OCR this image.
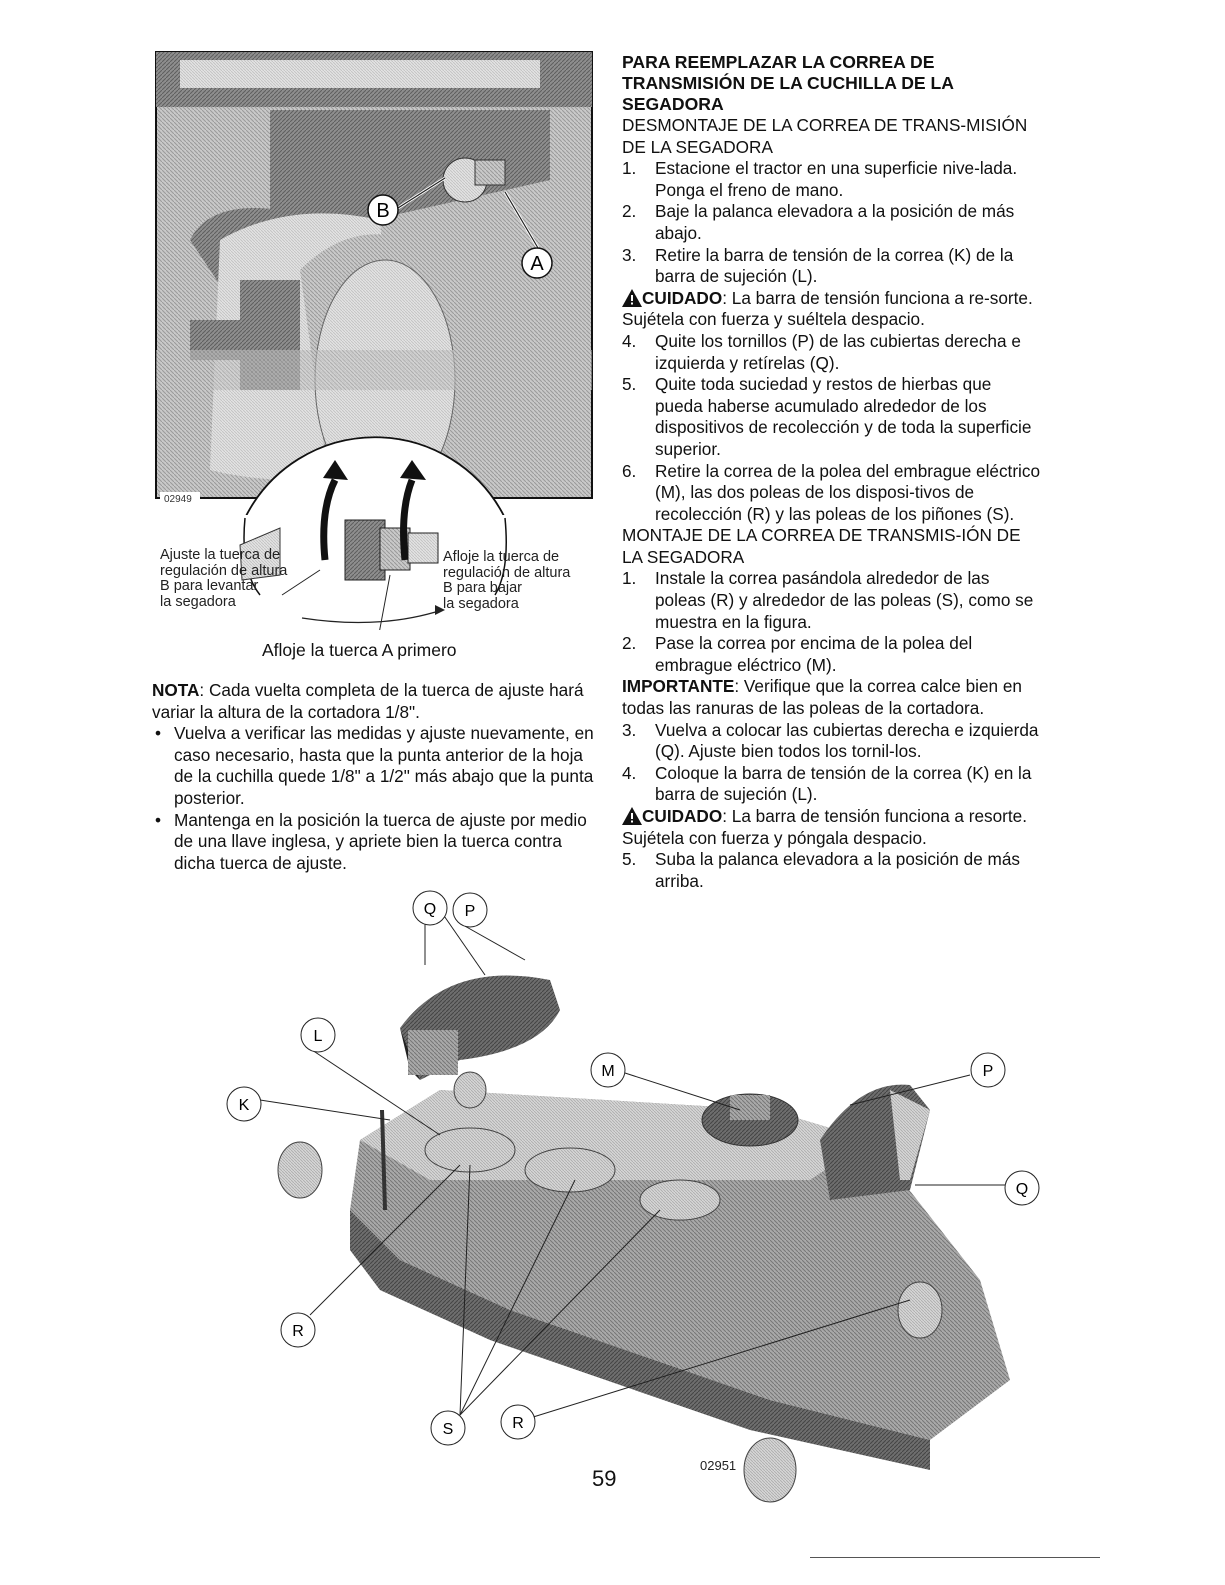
B
A
02949
Ajuste la tuerca de
regulación de altura
B para levantar
la segadora
Afloje la tuerca de
regulación de altura
B para bajar
la segadora
Afloje la tuerca A primero

NOTA: Cada vuelta completa de la tuerca de ajuste hará variar la altura de la cortadora 1/8".

• Vuelva a verificar las medidas y ajuste nuevamente, en caso necesario, hasta que la punta anterior de la hoja de la cuchilla quede 1/8" a 1/2" más abajo que la punta posterior.

• Mantenga en la posición la tuerca de ajuste por medio de una llave inglesa, y apriete bien la tuerca contra dicha tuerca de ajuste.

PARA REEMPLAZAR LA CORREA DE TRANSMISIÓN DE LA CUCHILLA DE LA SEGADORA

DESMONTAJE DE LA CORREA DE TRANS-MISIÓN DE LA SEGADORA

1. Estacione el tractor en una superficie nive-lada. Ponga el freno de mano.

2. Baje la palanca elevadora a la posición de más abajo.

3. Retire la barra de tensión de la correa (K) de la barra de sujeción (L).

CUIDADO: La barra de tensión funciona a re-sorte. Sujétela con fuerza y suéltela despacio.

4. Quite los tornillos (P) de las cubiertas derecha e izquierda y retírelas (Q).

5. Quite toda suciedad y restos de hierbas que pueda haberse acumulado alrededor de los dispositivos de recolección y de toda la superficie superior.

6. Retire la correa de la polea del embrague eléctrico (M), las dos poleas de los disposi-tivos de recolección (R) y las poleas de los piñones (S).

MONTAJE DE LA CORREA DE TRANSMIS-IÓN DE LA SEGADORA

1. Instale la correa pasándola alrededor de las poleas (R) y alrededor de las poleas (S), como se muestra en la figura.

2. Pase la correa por encima de la polea del embrague eléctrico (M).

IMPORTANTE: Verifique que la correa calce bien en todas las ranuras de las poleas de la cortadora.

3. Vuelva a colocar las cubiertas derecha e izquierda (Q). Ajuste bien todos los tornil-los.

4. Coloque la barra de tensión de la correa (K) en la barra de sujeción (L).

CUIDADO: La barra de tensión funciona a resorte. Sujétela con fuerza y póngala despacio.

5. Suba la palanca elevadora a la posición de más arriba.

Q P
L
K
M	P
Q
R
S	R
02951
59
